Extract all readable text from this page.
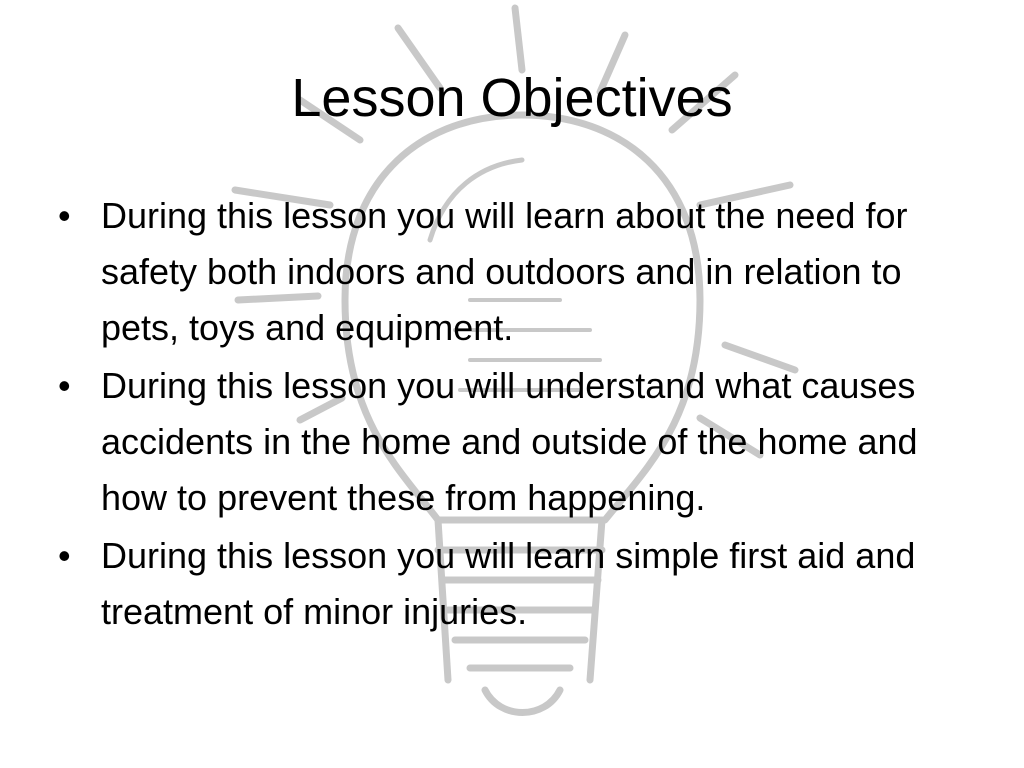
Lesson Objectives
• During this lesson you will learn about the need for safety both indoors and outdoors and in relation to pets, toys and equipment.
• During this lesson you will understand what causes accidents in the home and outside of the home and how to prevent these from happening.
• During this lesson you will learn simple first aid and treatment of minor injuries.
